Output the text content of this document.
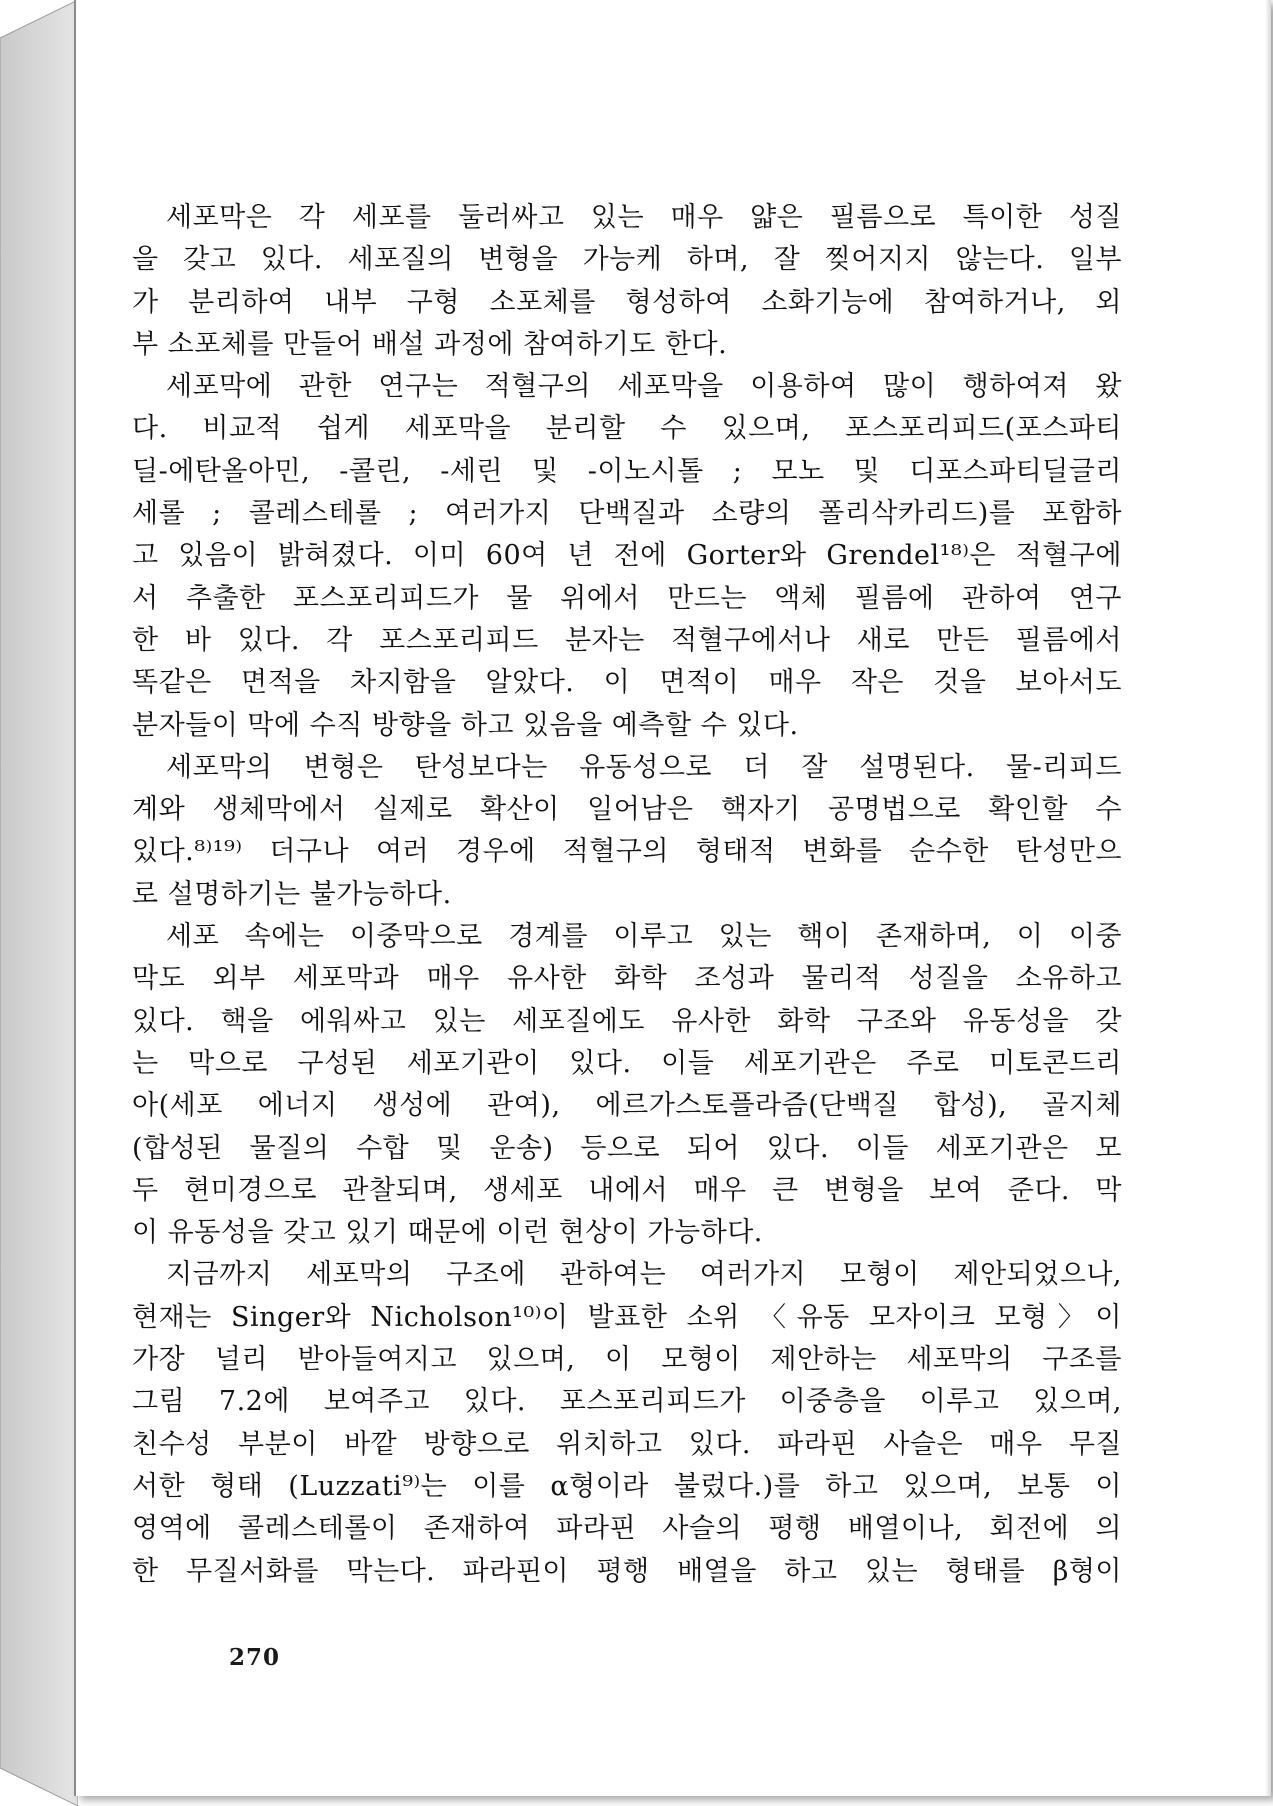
세포막은 각 세포를 둘러싸고 있는 매우 얇은 필름으로 특이한 성질
을 갖고 있다. 세포질의 변형을 가능케 하며, 잘 찢어지지 않는다. 일부
가 분리하여 내부 구형 소포체를 형성하여 소화기능에 참여하거나, 외
부 소포체를 만들어 배설 과정에 참여하기도 한다.
세포막에 관한 연구는 적혈구의 세포막을 이용하여 많이 행하여져 왔
다. 비교적 쉽게 세포막을 분리할 수 있으며, 포스포리피드(포스파티
딜-에탄올아민, -콜린, -세린 및 -이노시톨 ; 모노 및 디포스파티딜글리
세롤 ; 콜레스테롤 ; 여러가지 단백질과 소량의 폴리삭카리드)를 포함하
고 있음이 밝혀졌다. 이미 60여 년 전에 Gorter와 Grendel¹⁸⁾은 적혈구에
서 추출한 포스포리피드가 물 위에서 만드는 액체 필름에 관하여 연구
한 바 있다. 각 포스포리피드 분자는 적혈구에서나 새로 만든 필름에서
똑같은 면적을 차지함을 알았다. 이 면적이 매우 작은 것을 보아서도
분자들이 막에 수직 방향을 하고 있음을 예측할 수 있다.
세포막의 변형은 탄성보다는 유동성으로 더 잘 설명된다. 물-리피드
계와 생체막에서 실제로 확산이 일어남은 핵자기 공명법으로 확인할 수
있다.⁸⁾¹⁹⁾ 더구나 여러 경우에 적혈구의 형태적 변화를 순수한 탄성만으
로 설명하기는 불가능하다.
세포 속에는 이중막으로 경계를 이루고 있는 핵이 존재하며, 이 이중
막도 외부 세포막과 매우 유사한 화학 조성과 물리적 성질을 소유하고
있다. 핵을 에워싸고 있는 세포질에도 유사한 화학 구조와 유동성을 갖
는 막으로 구성된 세포기관이 있다. 이들 세포기관은 주로 미토콘드리
아(세포 에너지 생성에 관여), 에르가스토플라즘(단백질 합성), 골지체
(합성된 물질의 수합 및 운송) 등으로 되어 있다. 이들 세포기관은 모
두 현미경으로 관찰되며, 생세포 내에서 매우 큰 변형을 보여 준다. 막
이 유동성을 갖고 있기 때문에 이런 현상이 가능하다.
지금까지 세포막의 구조에 관하여는 여러가지 모형이 제안되었으나,
현재는 Singer와 Nicholson¹⁰⁾이 발표한 소위 〈유동 모자이크 모형〉이
가장 널리 받아들여지고 있으며, 이 모형이 제안하는 세포막의 구조를
그림 7.2에 보여주고 있다. 포스포리피드가 이중층을 이루고 있으며,
친수성 부분이 바깥 방향으로 위치하고 있다. 파라핀 사슬은 매우 무질
서한 형태 (Luzzati⁹⁾는 이를 α형이라 불렀다.)를 하고 있으며, 보통 이
영역에 콜레스테롤이 존재하여 파라핀 사슬의 평행 배열이나, 회전에 의
한 무질서화를 막는다. 파라핀이 평행 배열을 하고 있는 형태를 β형이
270
